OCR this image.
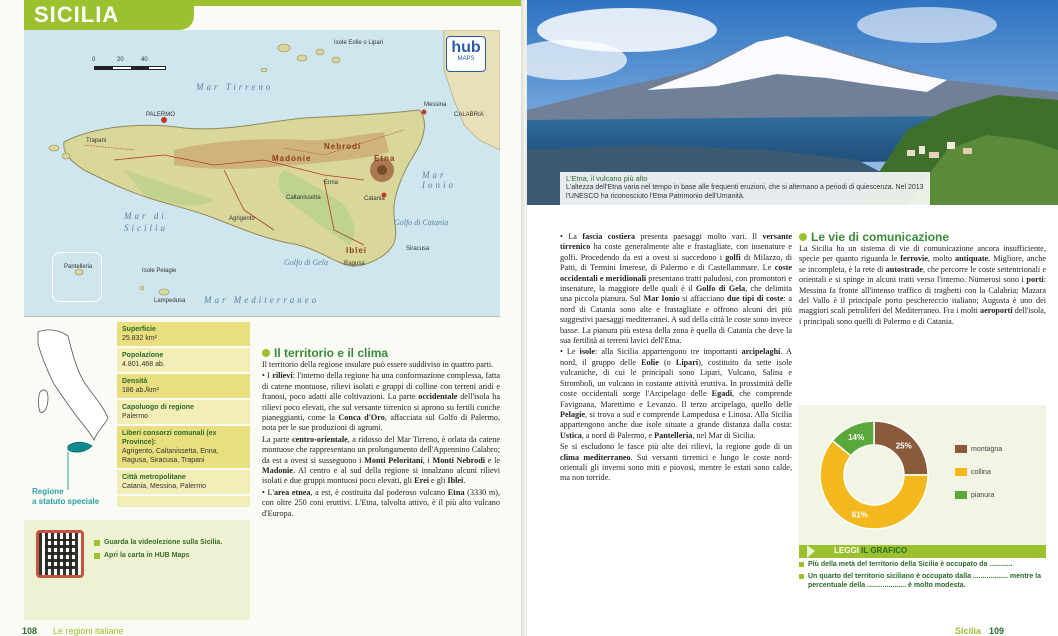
SICILIA
0	20	40
hub
MAPS
Mar Tirreno
Mar
Ionio
Mar Mediterraneo
Mar di
Sicilia
PALERMO
Catania
Messina
Trapani
Agrigento
Siracusa
Ragusa
Caltanissetta
Enna
CALABRIA
Isole Eolie o Lipari
Isole Pelagie
Pantelleria
Lampedusa
Etna
Madonie
Nebrodi
Iblei
Golfo di Gela
Golfo di Catania
Regione
a statuto speciale
Superficie
25.832 km²
Popolazione
4.801.468 ab.
Densità
186 ab./km²
Capoluogo di regione
Palermo
Liberi consorzi comunali (ex Province):
Agrigento, Caltanissetta, Enna, Ragusa, Siracusa, Trapani
Città metropolitane
Catania, Messina, Palermo
Guarda la videolezione sulla Sicilia.
Apri la carta in HUB Maps
Il territorio e il clima

Il territorio della regione insulare può essere suddiviso in quattro parti.

• I rilievi: l'interno della regione ha una conformazione complessa, fatta di catene montuose, rilievi isolati e gruppi di colline con terreni aridi e franosi, poco adatti alle coltivazioni. La parte occidentale dell'isola ha rilievi poco elevati, che sul versante tirrenico si aprono su fertili conche pianeggianti, come la Conca d'Oro, affacciata sul Golfo di Palermo, nota per le sue produzioni di agrumi.

La parte centro-orientale, a ridosso del Mar Tirreno, è orlata da catene montuose che rappresentano un prolungamento dell'Appennino Calabro; da est a ovest si susseguono i Monti Peloritani, i Monti Nebrodi e le Madonie. Al centro e al sud della regione si innalzano alcuni rilievi isolati e due gruppi montuosi poco elevati, gli Erei e gli Iblei.

• L'area etnea, a est, è costituita dal poderoso vulcano Etna (3330 m), con oltre 250 coni eruttivi. L'Etna, talvolta attivo, è il più alto vulcano d'Europa.

108 Le regioni italiane
L'Etna, il vulcano più alto
L'altezza dell'Etna varia nel tempo in base alle frequenti eruzioni, che si alternano a periodi di quiescenza. Nel 2013 l'UNESCO ha riconosciuto l'Etna Patrimonio dell'Umanità.

• La fascia costiera presenta paesaggi molto vari. Il versante tirrenico ha coste generalmente alte e frastagliate, con insenature e golfi. Procedendo da est a ovest si succedono i golfi di Milazzo, di Patti, di Termini Imerese, di Palermo e di Castellammare. Le coste occidentali e meridionali presentano tratti paludosi, con promontori e insenature, la maggiore delle quali è il Golfo di Gela, che delimita una piccola pianura. Sul Mar Ionio si affacciano due tipi di coste: a nord di Catania sono alte e frastagliate e offrono alcuni dei più suggestivi paesaggi mediterranei. A sud della città le coste sono invece basse. La pianura più estesa della zona è quella di Catania che deve la sua fertilità ai terreni lavici dell'Etna.

• Le isole: alla Sicilia appartengono tre importanti arcipelaghi. A nord, il gruppo delle Eolie (o Lipari), costituito da sette isole vulcaniche, di cui le principali sono Lipari, Vulcano, Salina e Stromboli, un vulcano in costante attività eruttiva. In prossimità delle coste occidentali sorge l'Arcipelago delle Egadi, che comprende Favignana, Marettimo e Levanzo. Il terzo arcipelago, quello delle Pelagie, si trova a sud e comprende Lampedusa e Linosa. Alla Sicilia appartengono anche due isole situate a grande distanza dalla costa: Ustica, a nord di Palermo, e Pantelleria, nel Mar di Sicilia.

Se si escludono le fasce più alte dei rilievi, la regione gode di un clima mediterraneo. Sui versanti tirrenici e lungo le coste nord-orientali gli inverni sono miti e piovosi, mentre le estati sono calde, ma non torride.

Le vie di comunicazione

La Sicilia ha un sistema di vie di comunicazione ancora insufficiente, specie per quanto riguarda le ferrovie, molto antiquate. Migliore, anche se incompleta, è la rete di autostrade, che percorre le coste settentrionali e orientali e si spinge in alcuni tratti verso l'interno. Numerosi sono i porti: Messina fa fronte all'intenso traffico di traghetti con la Calabria; Mazara del Vallo è il principale porto peschereccio italiano; Augusta è uno dei maggiori scali petroliferi del Mediterraneo. Fra i molti aeroporti dell'isola, i principali sono quelli di Palermo e di Catania.

25%
61%
14%
montagna
collina
pianura
LEGGI IL GRAFICO
Più della metà del territorio della Sicilia è occupato da ............
Un quarto del territorio siciliano è occupato dalla .................. mentre la percentuale della .................... è molto modesta.
Sicilia 109
